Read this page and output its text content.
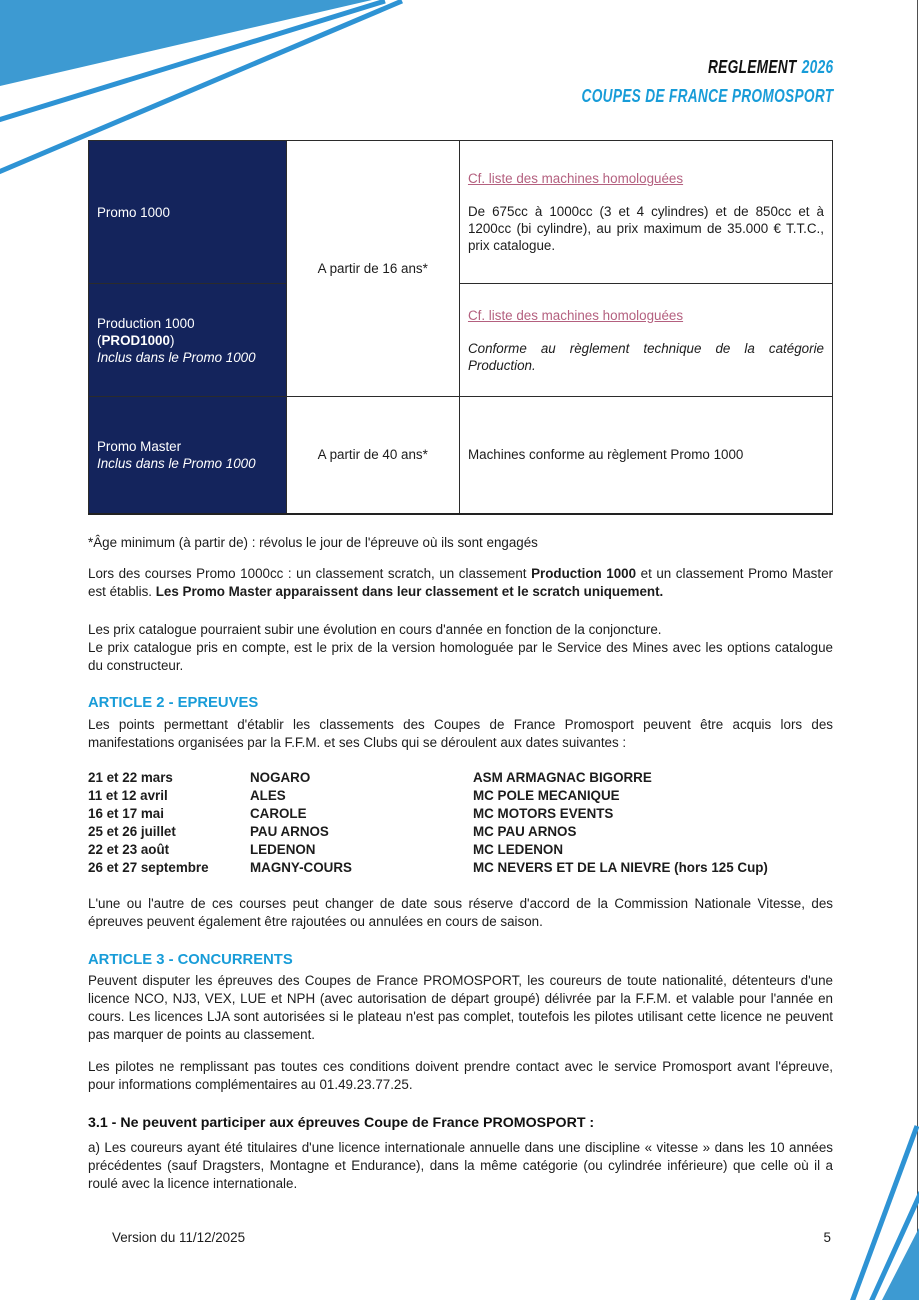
REGLEMENT 2026
COUPES DE FRANCE PROMOSPORT
Promo 1000	A partir de 16 ans*	Cf. liste des machines homologuées
De 675cc à 1000cc (3 et 4 cylindres) et de 850cc et à 1200cc (bi cylindre), au prix maximum de 35.000 € T.T.C., prix catalogue.

Production 1000
(PROD1000)
Inclus dans le Promo 1000		Cf. liste des machines homologuées
Conforme au règlement technique de la catégorie Production.

Promo Master
Inclus dans le Promo 1000	A partir de 40 ans*	Machines conforme au règlement Promo 1000
*Âge minimum (à partir de) : révolus le jour de l'épreuve où ils sont engagés
Lors des courses Promo 1000cc : un classement scratch, un classement Production 1000 et un classement Promo Master est établis. Les Promo Master apparaissent dans leur classement et le scratch uniquement.
Les prix catalogue pourraient subir une évolution en cours d'année en fonction de la conjoncture.
Le prix catalogue pris en compte, est le prix de la version homologuée par le Service des Mines avec les options catalogue du constructeur.
ARTICLE 2 - EPREUVES
Les points permettant d'établir les classements des Coupes de France Promosport peuvent être acquis lors des manifestations organisées par la F.F.M. et ses Clubs qui se déroulent aux dates suivantes :
21 et 22 mars	NOGARO	ASM ARMAGNAC BIGORRE
11 et 12 avril	ALES	MC POLE MECANIQUE
16 et 17 mai	CAROLE	MC MOTORS EVENTS
25 et 26 juillet	PAU ARNOS	MC PAU ARNOS
22 et 23 août	LEDENON	MC LEDENON
26 et 27 septembre	MAGNY-COURS	MC NEVERS ET DE LA NIEVRE (hors 125 Cup)
L'une ou l'autre de ces courses peut changer de date sous réserve d'accord de la Commission Nationale Vitesse, des épreuves peuvent également être rajoutées ou annulées en cours de saison.
ARTICLE 3 - CONCURRENTS
Peuvent disputer les épreuves des Coupes de France PROMOSPORT, les coureurs de toute nationalité, détenteurs d'une licence NCO, NJ3, VEX, LUE et NPH (avec autorisation de départ groupé) délivrée par la F.F.M. et valable pour l'année en cours. Les licences LJA sont autorisées si le plateau n'est pas complet, toutefois les pilotes utilisant cette licence ne peuvent pas marquer de points au classement.
Les pilotes ne remplissant pas toutes ces conditions doivent prendre contact avec le service Promosport avant l'épreuve, pour informations complémentaires au 01.49.23.77.25.
3.1 - Ne peuvent participer aux épreuves Coupe de France PROMOSPORT :
a) Les coureurs ayant été titulaires d'une licence internationale annuelle dans une discipline « vitesse » dans les 10 années précédentes (sauf Dragsters, Montagne et Endurance), dans la même catégorie (ou cylindrée inférieure) que celle où il a roulé avec la licence internationale.
Version du 11/12/2025	5
